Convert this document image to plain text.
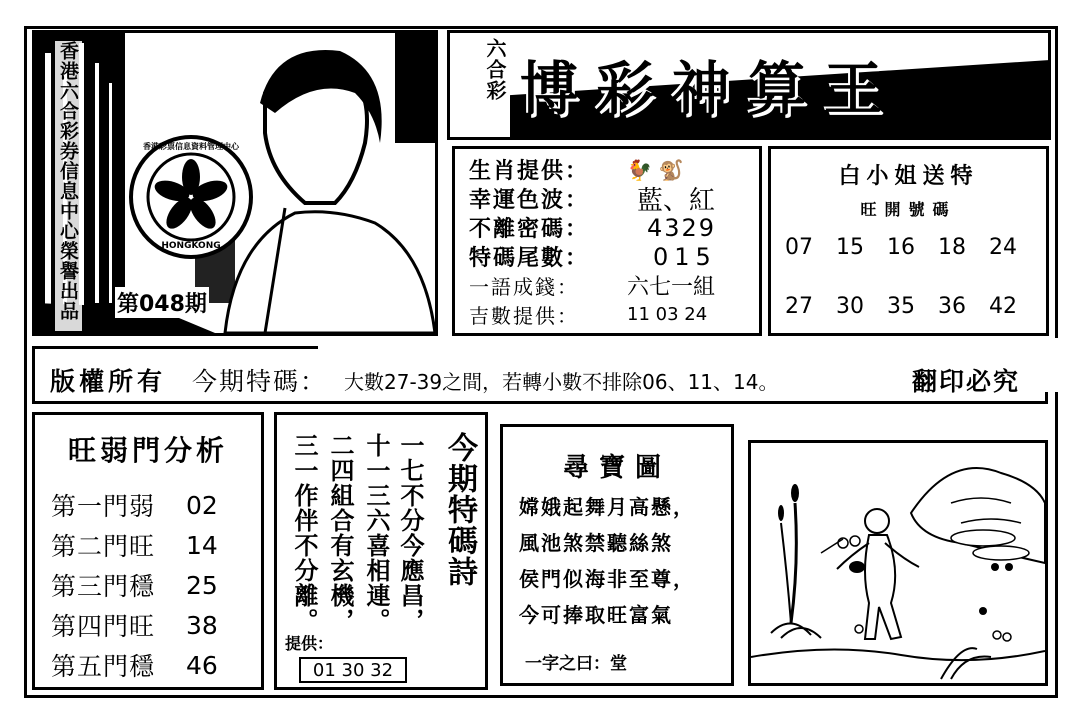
香港六合彩券信息中心榮譽出品	香港彩票信息資料管理中心
HONGKONG
第048期
六合彩 博彩神算王
生肖提供：	🐓 🐒
幸運色波：	藍、紅
不離密碼：	4329
特碼尾數：	015
一語成錢：	六七一組
吉數提供：	11 03 24
白小姐送特
旺開號碼
07	15	16	18	24
27	30	35	36	42
版權所有 今期特碼： 大數27-39之間，若轉小數不排除06、11、14。	翻印必究
旺弱門分析
第一門弱	02
第二門旺	14
第三門穩	25
第四門旺	38
第五門穩	46
一七不分今應昌，
十一三六喜相連。
二四組合有玄機，
三一作伴不分離。
提供：
01 30 32
今期特碼詩	尋寶圖
嫦娥起舞月高懸，
風池煞禁聽絲煞
侯門似海非至尊，
今可捧取旺富氣
一字之曰：堂
